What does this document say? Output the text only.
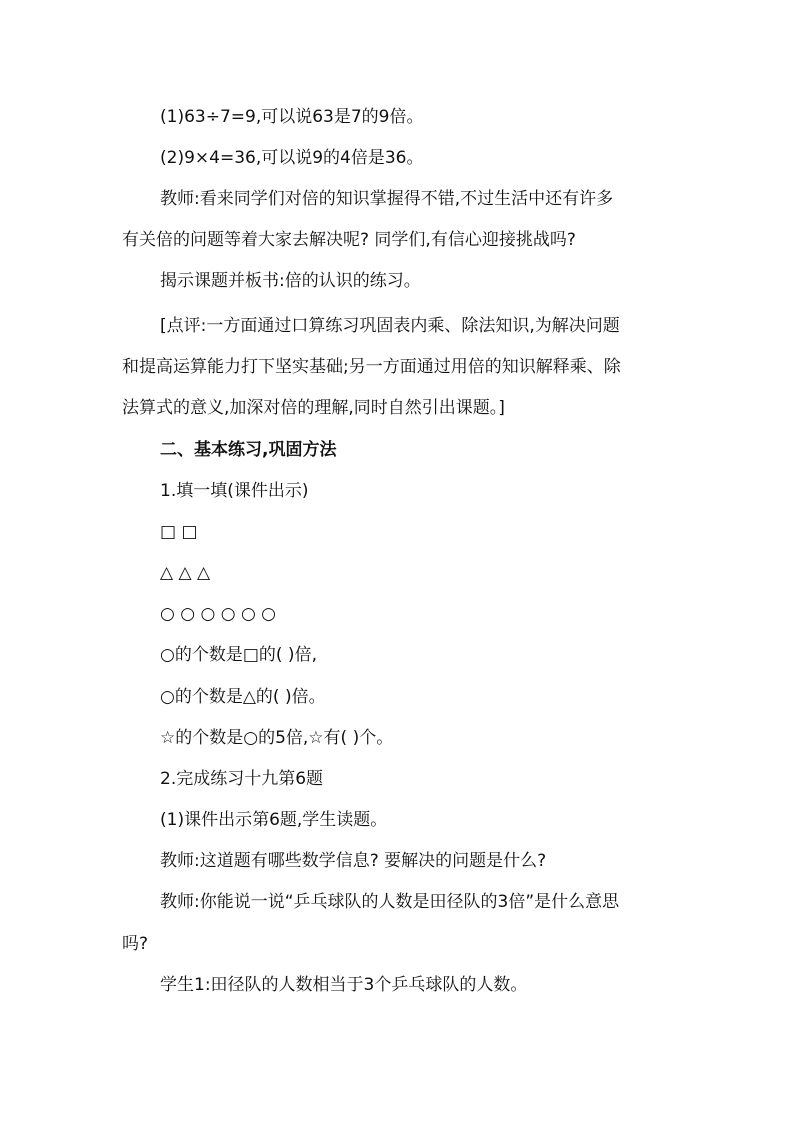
(1)63÷7=9,可以说63是7的9倍。
(2)9×4=36,可以说9的4倍是36。
教师:看来同学们对倍的知识掌握得不错,不过生活中还有许多
有关倍的问题等着大家去解决呢? 同学们,有信心迎接挑战吗?
揭示课题并板书:倍的认识的练习。
[点评:一方面通过口算练习巩固表内乘、除法知识,为解决问题
和提高运算能力打下坚实基础;另一方面通过用倍的知识解释乘、除
法算式的意义,加深对倍的理解,同时自然引出课题。]
二、基本练习,巩固方法
1.填一填(课件出示)
□ □
△ △ △
○ ○ ○ ○ ○ ○
○的个数是□的( )倍,
○的个数是△的( )倍。
☆的个数是○的5倍,☆有( )个。
2.完成练习十九第6题
(1)课件出示第6题,学生读题。
教师:这道题有哪些数学信息? 要解决的问题是什么?
教师:你能说一说“乒乓球队的人数是田径队的3倍”是什么意思
吗?
学生1:田径队的人数相当于3个乒乓球队的人数。
